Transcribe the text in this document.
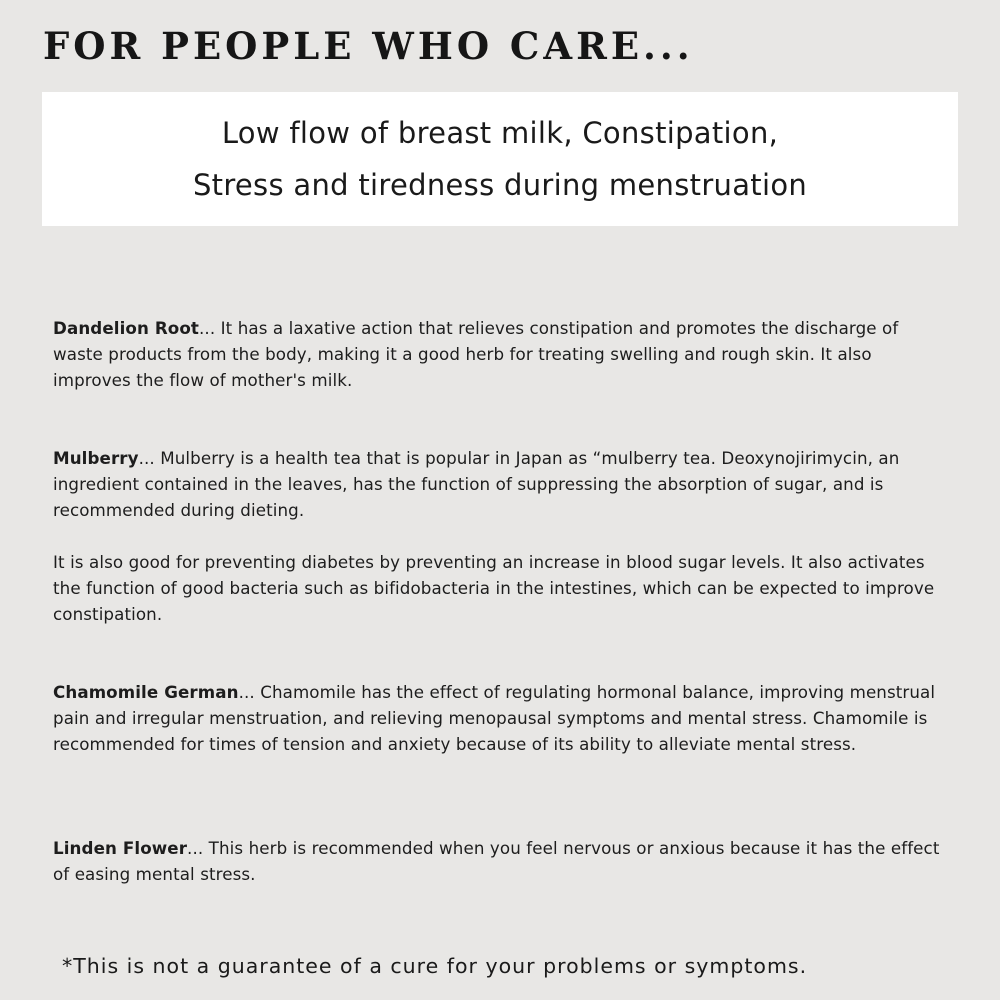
FOR PEOPLE WHO CARE...
Low flow of breast milk, Constipation,
Stress and tiredness during menstruation

Dandelion Root... It has a laxative action that relieves constipation and promotes the discharge of waste products from the body, making it a good herb for treating swelling and rough skin. It also improves the flow of mother's milk.

Mulberry... Mulberry is a health tea that is popular in Japan as “mulberry tea. Deoxynojirimycin, an ingredient contained in the leaves, has the function of suppressing the absorption of sugar, and is recommended during dieting.

It is also good for preventing diabetes by preventing an increase in blood sugar levels. It also activates the function of good bacteria such as bifidobacteria in the intestines, which can be expected to improve constipation.

Chamomile German... Chamomile has the effect of regulating hormonal balance, improving menstrual pain and irregular menstruation, and relieving menopausal symptoms and mental stress. Chamomile is recommended for times of tension and anxiety because of its ability to alleviate mental stress.

Linden Flower... This herb is recommended when you feel nervous or anxious because it has the effect of easing mental stress.

*This is not a guarantee of a cure for your problems or symptoms.
